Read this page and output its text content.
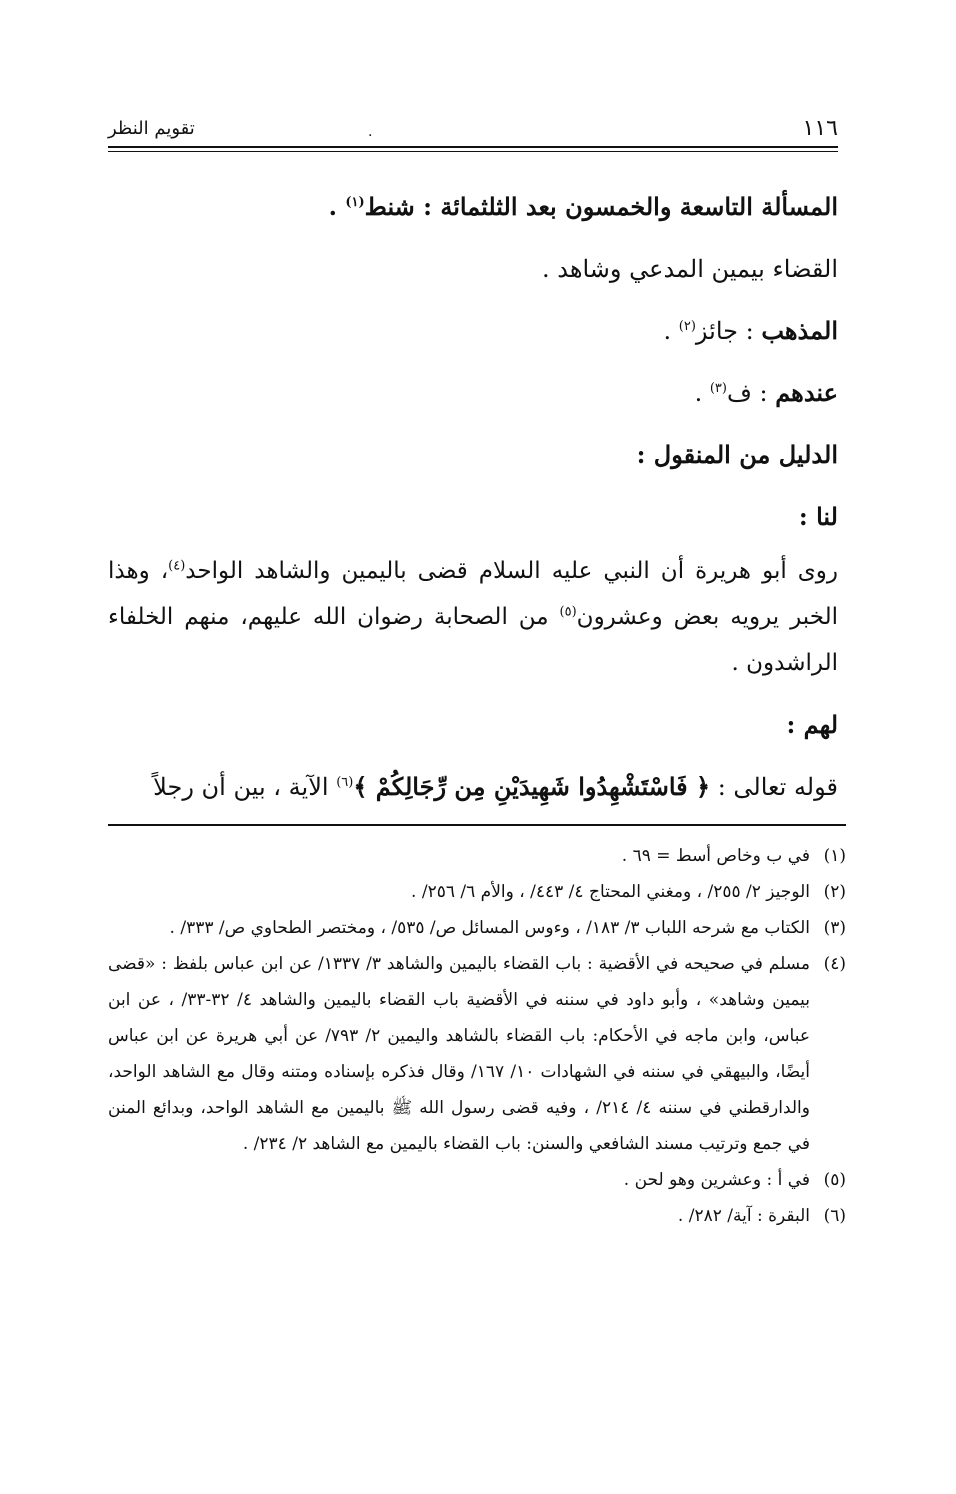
١١٦
.
تقويم النظر
المسألة التاسعة والخمسون بعد الثلثمائة : شنط$^{(١)}$ .
القضاء بيمين المدعي وشاهد .
المذهب : جائز$^{(٢)}$ .
عندهم : ف$^{(٣)}$ .
الدليل من المنقول :
لنا :
روى أبو هريرة أن النبي عليه السلام قضى باليمين والشاهد الواحد$^{(٤)}$، وهذا الخبر يرويه بعض وعشرون$^{(٥)}$ من الصحابة رضوان الله عليهم، منهم الخلفاء الراشدون .
لهم :
قوله تعالى : ﴿ فَاسْتَشْهِدُوا شَهِيدَيْنِ مِن رِّجَالِكُمْ ﴾$^{(٦)}$ الآية ، بين أن رجلاً
(١)
في ب وخاص أسط = ٦٩ .
(٢)
الوجيز ٢/ ٢٥٥/ ، ومغني المحتاج ٤/ ٤٤٣/ ، والأم ٦/ ٢٥٦/ .
(٣)
الكتاب مع شرحه اللباب ٣/ ١٨٣/ ، وءوس المسائل ص/ ٥٣٥/ ، ومختصر الطحاوي ص/ ٣٣٣/ .
(٤)
مسلم في صحيحه في الأقضية : باب القضاء باليمين والشاهد ٣/ ١٣٣٧/ عن ابن عباس بلفظ : «قضى بيمين وشاهد» ، وأبو داود في سننه في الأقضية باب القضاء باليمين والشاهد ٤/ ٣٢-٣٣/ ، عن ابن عباس، وابن ماجه في الأحكام: باب القضاء بالشاهد واليمين ٢/ ٧٩٣/ عن أبي هريرة عن ابن عباس أيضًا، والبيهقي في سننه في الشهادات ١٠/ ١٦٧/ وقال فذكره بإسناده ومتنه وقال مع الشاهد الواحد، والدارقطني في سننه ٤/ ٢١٤/ ، وفيه قضى رسول الله ﷺ باليمين مع الشاهد الواحد، وبدائع المنن في جمع وترتيب مسند الشافعي والسنن: باب القضاء باليمين مع الشاهد ٢/ ٢٣٤/ .
(٥)
في أ : وعشرين وهو لحن .
(٦)
البقرة : آية/ ٢٨٢/ .
